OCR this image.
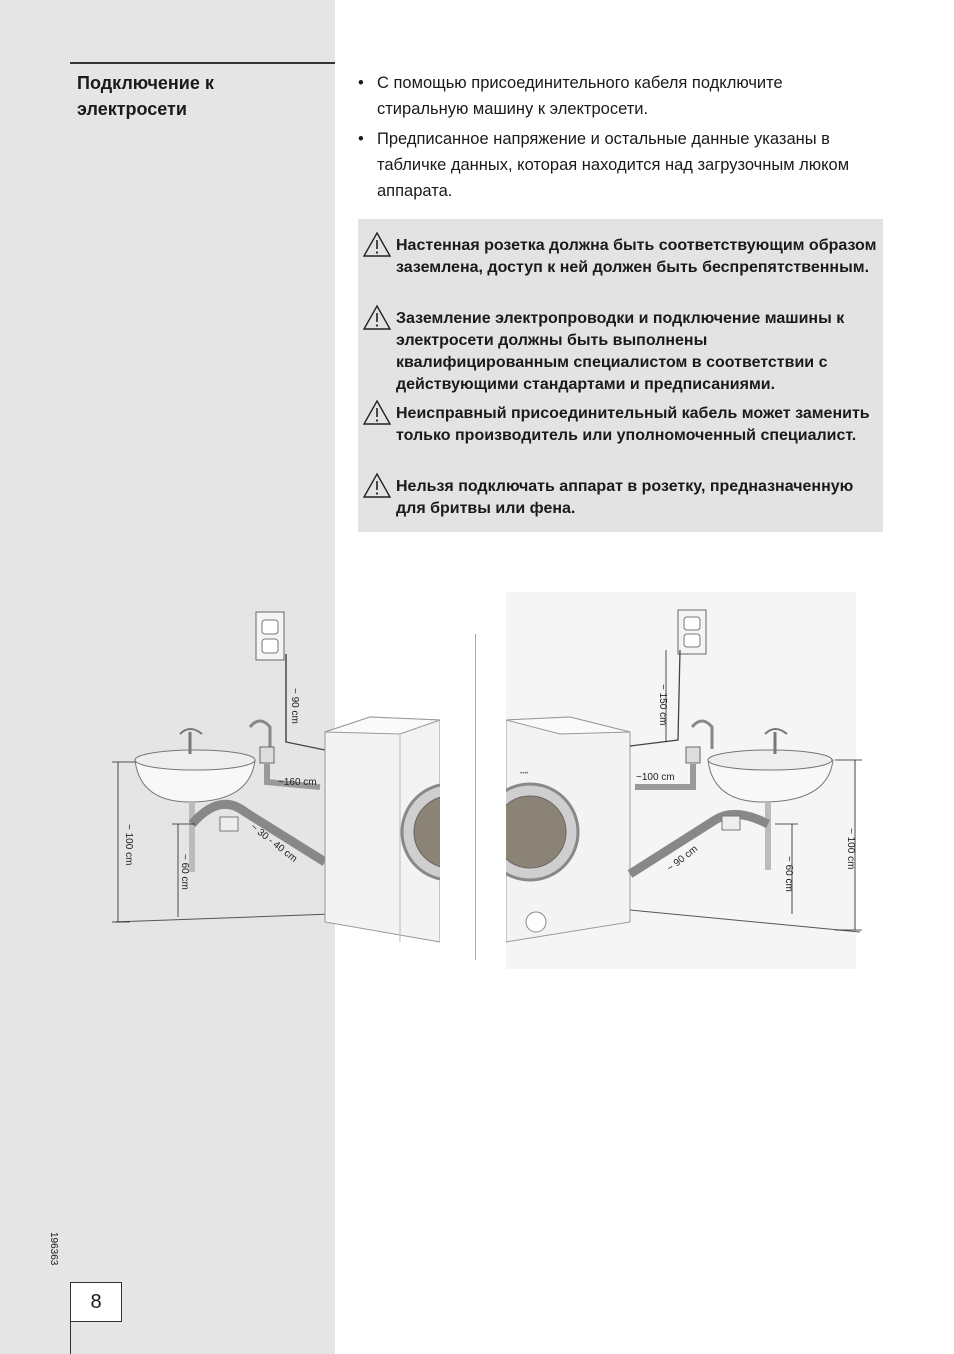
Подключение к электросети
• С помощью присоединительного кабеля подключите стиральную машину к электросети.
• Предписанное напряжение и остальные данные указаны в табличке данных, которая находится над загрузочным люком аппарата.
Настенная розетка должна быть соответствующим образом заземлена, доступ к ней должен быть беспрепятственным.
Заземление электропроводки и подключение машины к электросети должны быть выполнены квалифицированным специалистом в соответствии с действующими стандартами и предписаниями.
Неисправный присоединительный кабель может заменить только производитель или уполномоченный специалист.
Нельзя подключать аппарат в розетку, предназначенную для бритвы или фена.
~ 90 cm
~160 cm
~ 30 - 40 cm
~ 100 cm
~ 60 cm
••••
~ 150 cm
~100 cm
~ 90 cm	~ 100 cm
~ 60 cm
196363
8
